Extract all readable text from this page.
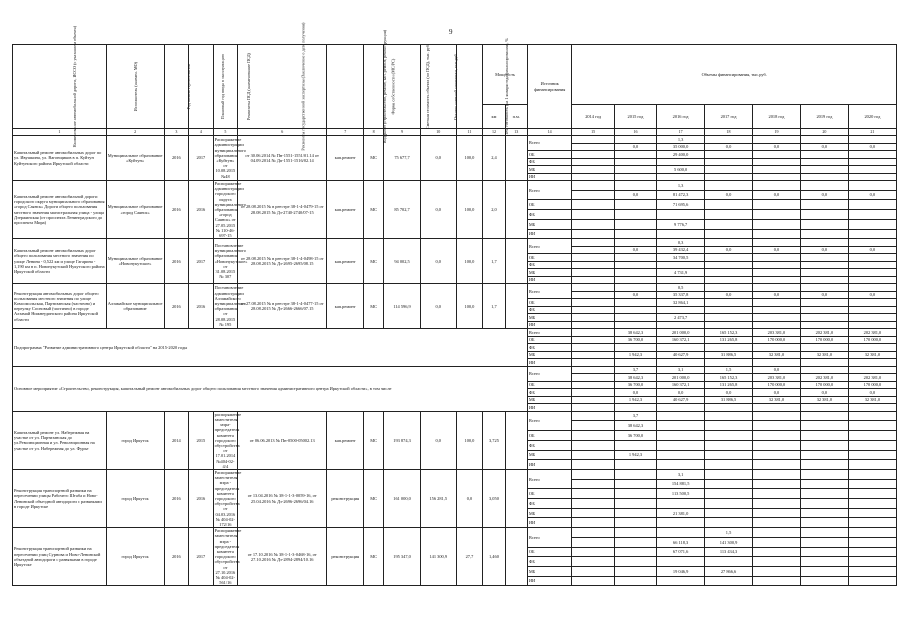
9
Наименование автомобильной дороги, ИССО (с указанием объекта)	Исполнитель (наимен. МО)	Год начала строительства	Плановый год ввода в эксплуатацию	Реквизиты ПСД (наименование ПСД)	Реквизиты государственной экспертизы (Заключение о дате получения)	Вид работ (строительство, ремонт, кап. ремонт, реконструкция)	Форма собственности (МС/РС)	Сметная стоимость объекта (по ПСД), тыс. руб.	Остаток сметной стоимости, тыс.руб.	Тех. готовность (на 1 января года финансирования), %	Мощность		Источник финансирования	Объемы финансирования, тыс.руб.						
											км	п.м.		2014 год	2015 год	2016 год	2017 год	2018 год	2019 год	2020 год
1	2	3	4	5	6	7	8	9	10	11	12	13	14	15	16	17	18	19	20	21
Капитальный ремонт автомобильных дорог по ул. Ивушкина, ул. Вагонщиков в п. Куйтун Куйтунского района Иркутской области	Муниципальное образование «Куйтун»	2016	2017	Распоряжение администрации муниципального образования «Куйтун» от 10.08.2015 №48	от 30.06.2014 № Пн-1551-1551/01.14 от 04.09.2014 № Дп-1551-1516/02.14	кап.ремонт	МС	75 677,7	0,0	100,0	2,4		Всего			1,3				
															0,0	35 000,0	0,0	0,0	0,0	0,0
													ОБ			29 400,0				
													ФБ							
													МБ			5 600,0				
													ИИ							
Капитальный ремонт автомобильной дороги городского округа муниципального образования «город Саянск» Дороги общего пользования местного значения магистральная улица - улица Дзержинская (от проспекта Ленинградского до проспекта Мира)	Муниципальное образование «город Саянск»	2016	2016	Распоряжение администрации городского округа муниципального образования «город Саянск» от 27.05.2015 № 110-46-697-15	от 28.08.2015 № в реестре 38-1-4-0479-15 от 28.08.2015 № Дз-2740-2740/07-15	кап.ремонт	МС	85 702,7	0,0	100,0	2,0		Всего			1,3				
															0,0	81 472,3	0,0	0,0	0,0	0,0
													ОБ			71 695,6				
													ФБ							
													МБ			9 776,7				
													ИИ							
Капитальный ремонт автомобильных дорог общего пользования местного значения по улице Ленина - 0,522 км и улице Гагарина - 1,190 км в п. Новонукутский Нукутского района Иркутской области	Муниципальное образование «Новонукутское»	2016	2017	Постановление муниципального образования «Новонукутское» от 31.08.2015 № 307	от 28.08.2015 № в реестре 38-1-4-0498-15 от 28.08.2015 № Дз-2695-2695/08.15	кап.ремонт	МС	94 002,5	0,0	100,0	1,7		Всего			0,3				
															0,0	39 432,4	0,0	0,0	0,0	0,0
													ОБ			34 700,5				
													ФБ							
													МБ			4 731,9				
													ИИ							
Реконструкция автомобильных дорог общего пользования местного значения по улице Комсомольская, Партизанская (частично) и переулку Сосновый (частично) в городе Алзамай Нижнеудинского района Иркутской области	Алзамайское муниципальное образование	2016	2016	Постановление администрации Алзамайского муниципального образования от 28.08.2015 № 195	от 27.08.2015 № в реестре 38-1-4-0477-15 от 28.08.2015 № Дз-2666-2666/07.15	кап.ремонт	МС	114 596,9	0,0	100,0	1,7		Всего			0,5				
															0,0	35 337,8	0,0	0,0	0,0	0,0
													ОБ			32 864,1				
													ФБ							
													МБ			2 473,7				
													ИИ							
Подпрограмма "Развитие административного центра Иркутской области" на 2015-2020 годы													Всего		38 642,3	201 000,0	165 152,3	203 381,0	202 381,0	202 381,0
													ОБ		36 700,0	160 372,1	131 265,8	170 000,0	170 000,0	170 000,0
													ФБ							
													МБ		1 942,3	40 627,9	31 886,5	32 381,0	32 381,0	32 381,0
													ИИ							
Основное мероприятие «Строительство, реконструкция, капитальный ремонт автомобильных дорог общего пользования местного значения административного центра Иркутской области», в том числе													Всего		3,7	3,1	1,5	0,0		
															38 642,3	201 000,0	165 152,3	203 381,0	202 381,0	202 381,0
													ОБ		36 700,0	160 372,1	131 265,8	170 000,0	170 000,0	170 000,0
													ФБ		0,0	0,0	0,0	0,0	0,0	0,0
													МБ		1 942,3	40 627,9	31 886,5	32 381,0	32 381,0	32 381,0
													ИИ							
Капитальный ремонт ул. Набережная на участке от ул. Партизанская до ул.Революционная и ул. Революционная на участке от ул. Набережная до ул. Фурье	город Иркутск	2014	2015	распоряжение заместителя мэра-председателя комитета городского обустройства от 17.01.2014 №404-02-4/4	от 06.06.2013 № Пн-0500-05002.13	кап.ремонт	МС	193 874,3	0,0	100,0	3,725		Всего		3,7					
															38 642,3					
													ОБ		36 700,0					
													ФБ							
													МБ		1 942,3					
													ИИ							
Реконструкция транспортной развязки на пересечении улицы Рабочего Штаба и Ново-Ленинской объездной автодороги с развязками в городе Иркутске	город Иркутск	2016	2016	Распоряжение заместителя мэра - председателя комитета городского обустройства от 04.03.2016 № 404-02-172/16	от 13.04.2016 № 38-1-1-3-0059-16, от 25.04.2016 № Дз-2696-2696/04.16	реконструкция	МС	161 000,0	156 281,5	0,0	3,050		Всего			3,1				
																154 881,5				
													ОБ			113 500,5				
													ФБ							
													МБ			21 381,0				
													ИИ							
Реконструкция транспортной развязки на пересечении улиц Сурнова и Ново-Ленинской объездной автодороги с развязками в городе Иркутске	город Иркутск	2016	2017	Распоряжение заместителя мэра - председателя комитета городского обустройства от 27.10.2016 № 404-02-561/16	от 17.10.2016 № 38-1-1-3-0468-16, от 27.10.2016 № Дз-2894-2894/10.16	реконструкция	МС	195 347,0	141 300,9	27,7	1,460		Всего				1,5			
																66 118,3	141 300,9			
													ОБ			67 071,6	113 434,3			
													ФБ							
													МБ			19 046,9	27 866,6			
													ИИ							
